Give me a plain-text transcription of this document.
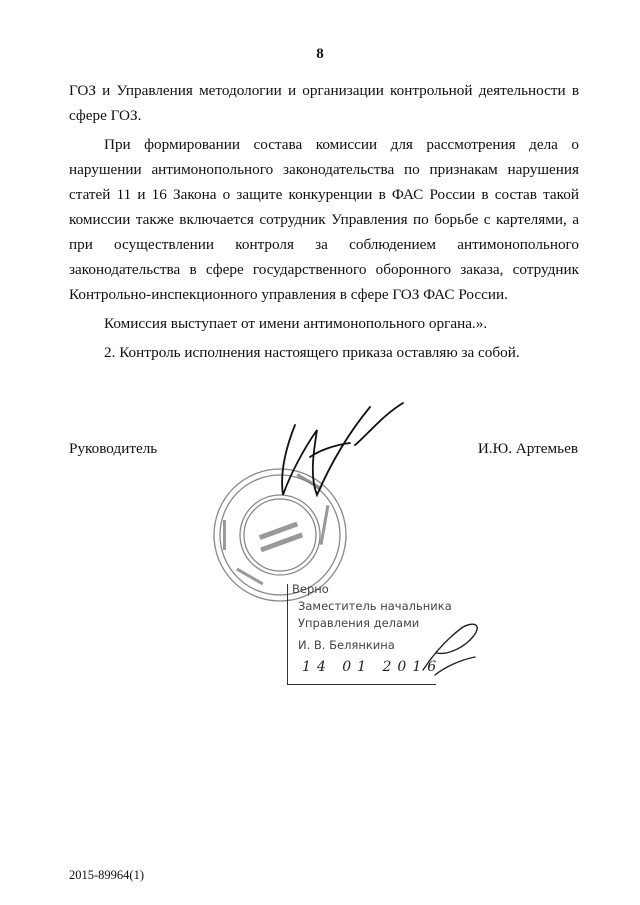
8

ГОЗ и Управления методологии и организации контрольной деятельности в сфере ГОЗ.

При формировании состава комиссии для рассмотрения дела о нарушении антимонопольного законодательства по признакам нарушения статей 11 и 16 Закона о защите конкуренции в ФАС России в состав такой комиссии также включается сотрудник Управления по борьбе с картелями, а при осуществлении контроля за соблюдением антимонопольного законодательства в сфере государственного оборонного заказа, сотрудник Контрольно-инспекционного управления в сфере ГОЗ ФАС России.

Комиссия выступает от имени антимонопольного органа.».

2. Контроль исполнения настоящего приказа оставляю за собой.

Руководитель	И.Ю. Артемьев
Верно
Заместитель начальника
Управления делами
И. В. Белянкина
14 01 2016
2015-89964(1)
